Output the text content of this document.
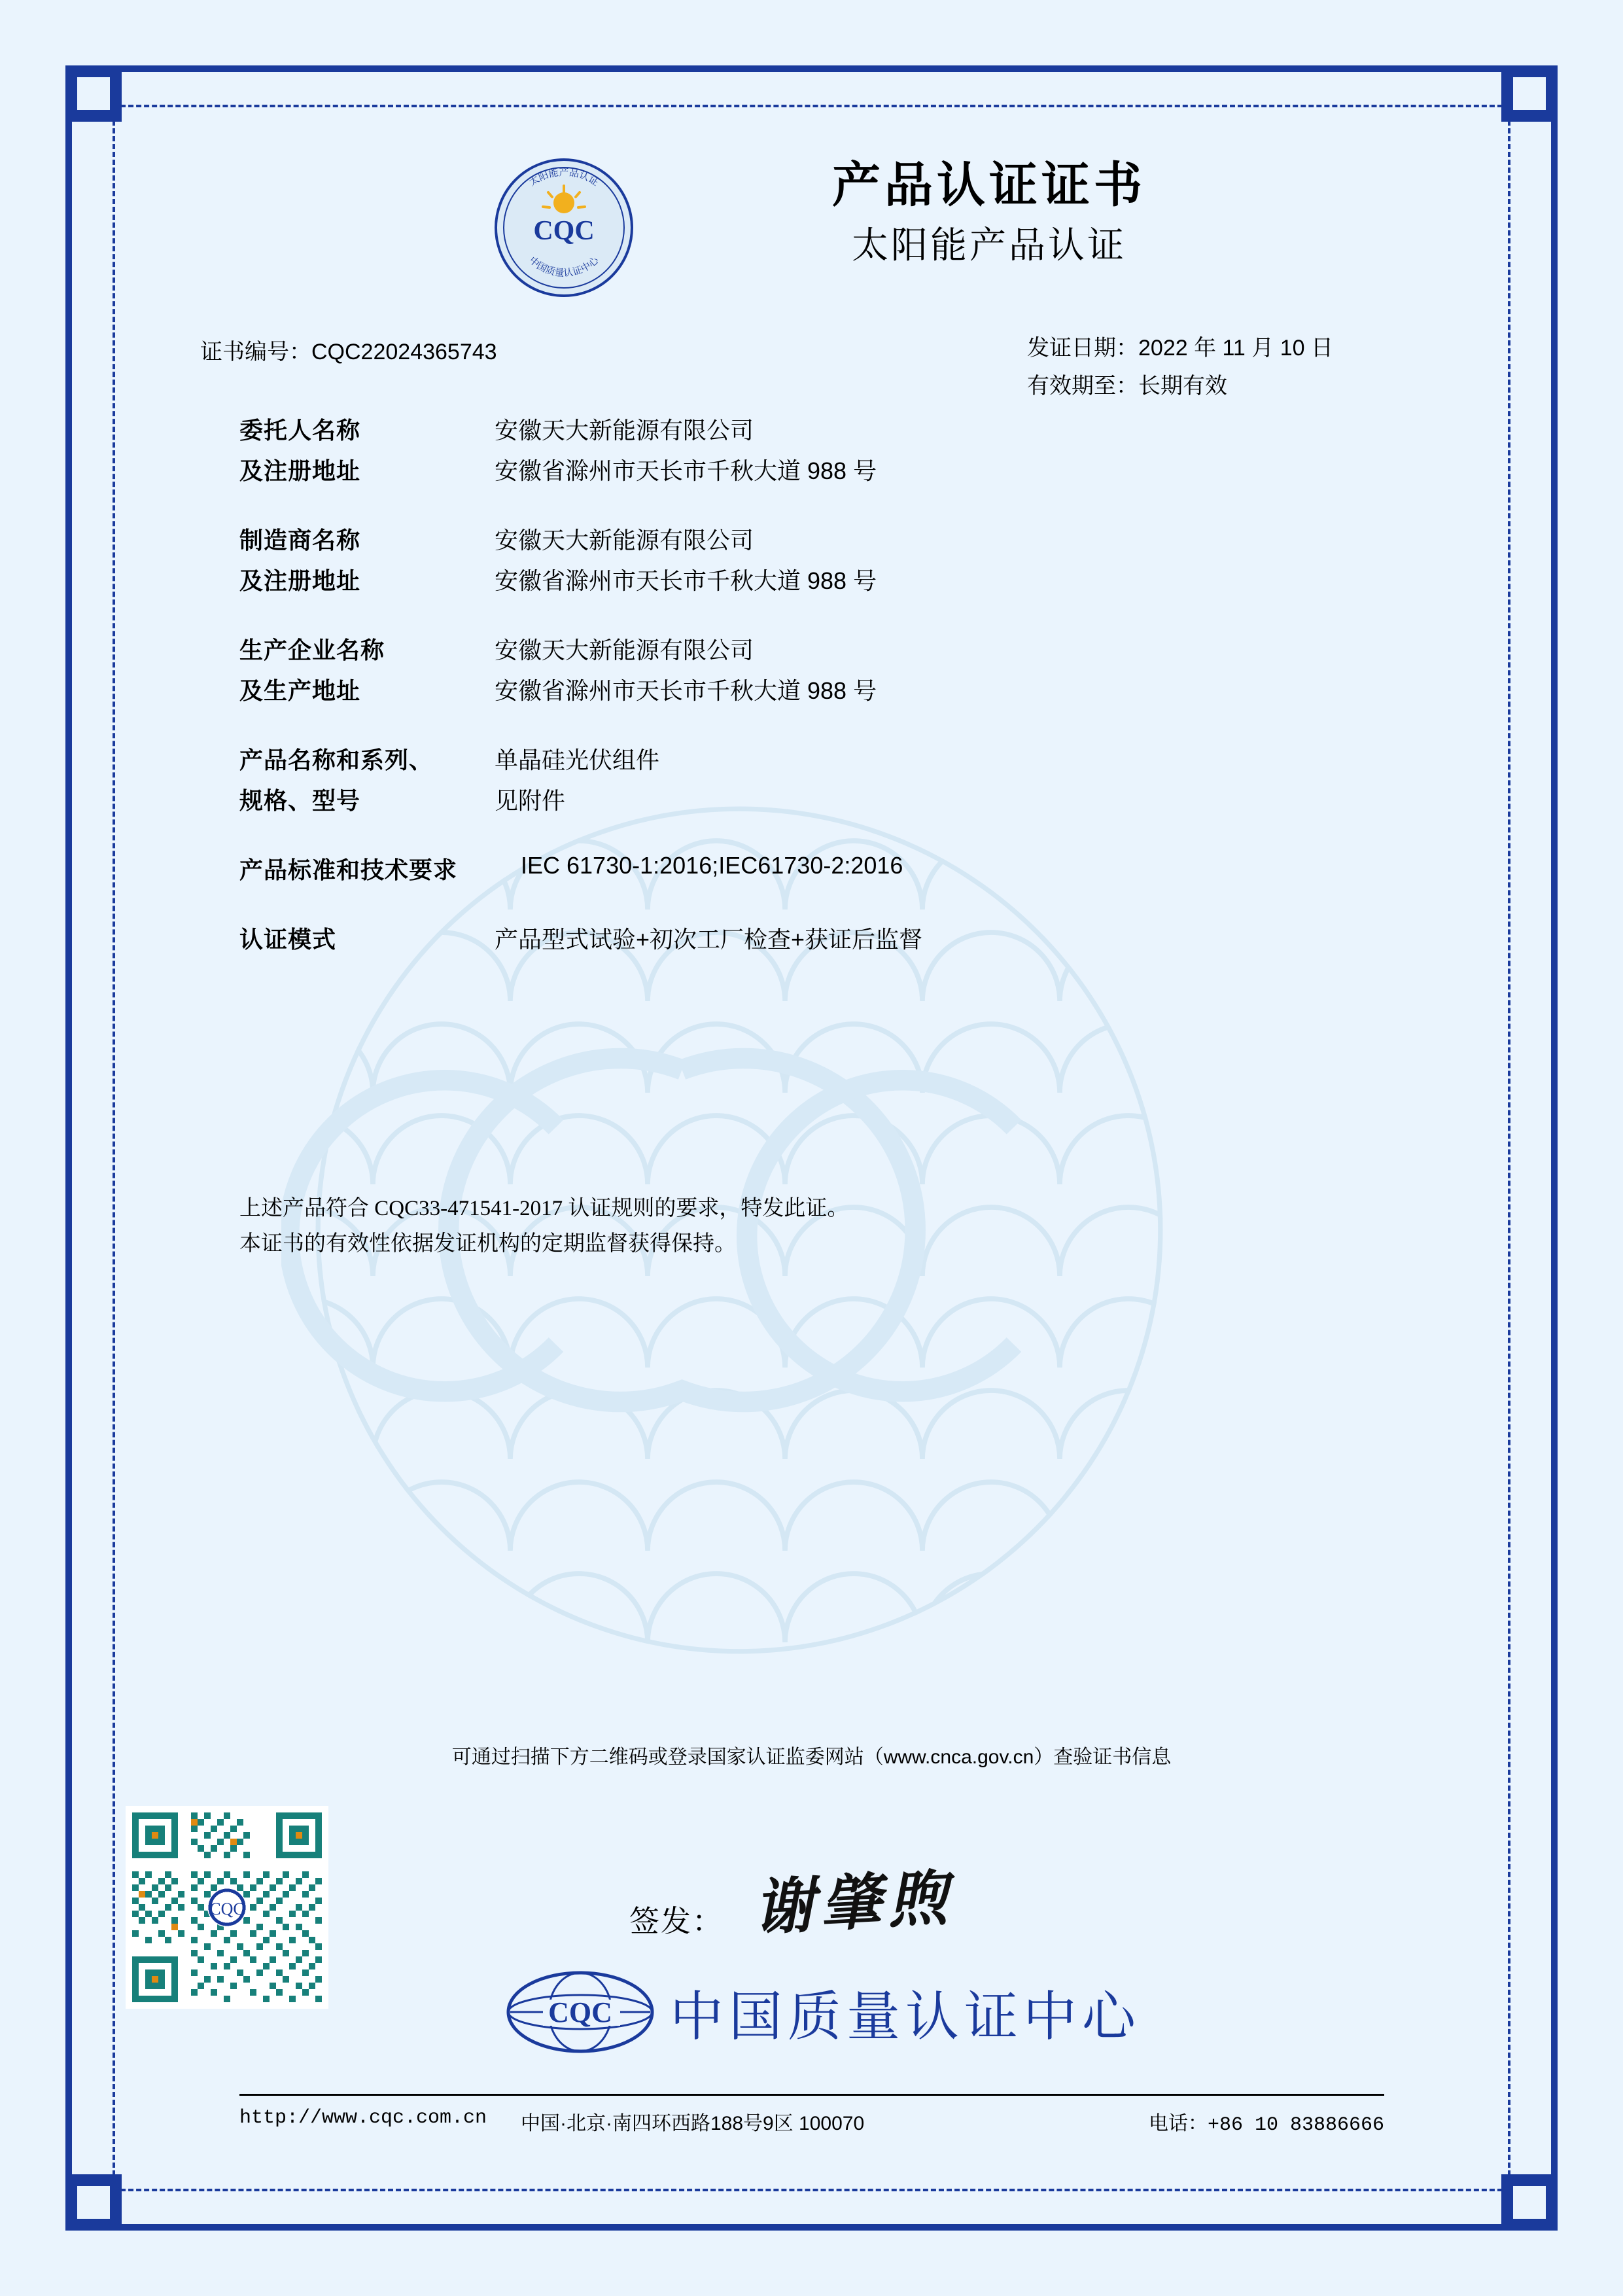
CQC
太阳能产品认证
中国质量认证中心
产品认证证书
太阳能产品认证
证书编号：CQC22024365743	发证日期：2022 年 11 月 10 日
有效期至：长期有效
委托人名称	安徽天大新能源有限公司
及注册地址	安徽省滁州市天长市千秋大道 988 号
制造商名称	安徽天大新能源有限公司
及注册地址	安徽省滁州市天长市千秋大道 988 号
生产企业名称	安徽天大新能源有限公司
及生产地址	安徽省滁州市天长市千秋大道 988 号
产品名称和系列、	单晶硅光伏组件
规格、型号	见附件
产品标准和技术要求	IEC 61730-1:2016;IEC61730-2:2016
认证模式	产品型式试验+初次工厂检查+获证后监督
上述产品符合 CQC33-471541-2017 认证规则的要求，特发此证。
本证书的有效性依据发证机构的定期监督获得保持。
可通过扫描下方二维码或登录国家认证监委网站（www.cnca.gov.cn）查验证书信息
CQC	签发： 谢肇煦
CQC 中国质量认证中心
http://www.cqc.com.cn 中国·北京·南四环西路188号9区 100070	电话：+86 10 83886666
